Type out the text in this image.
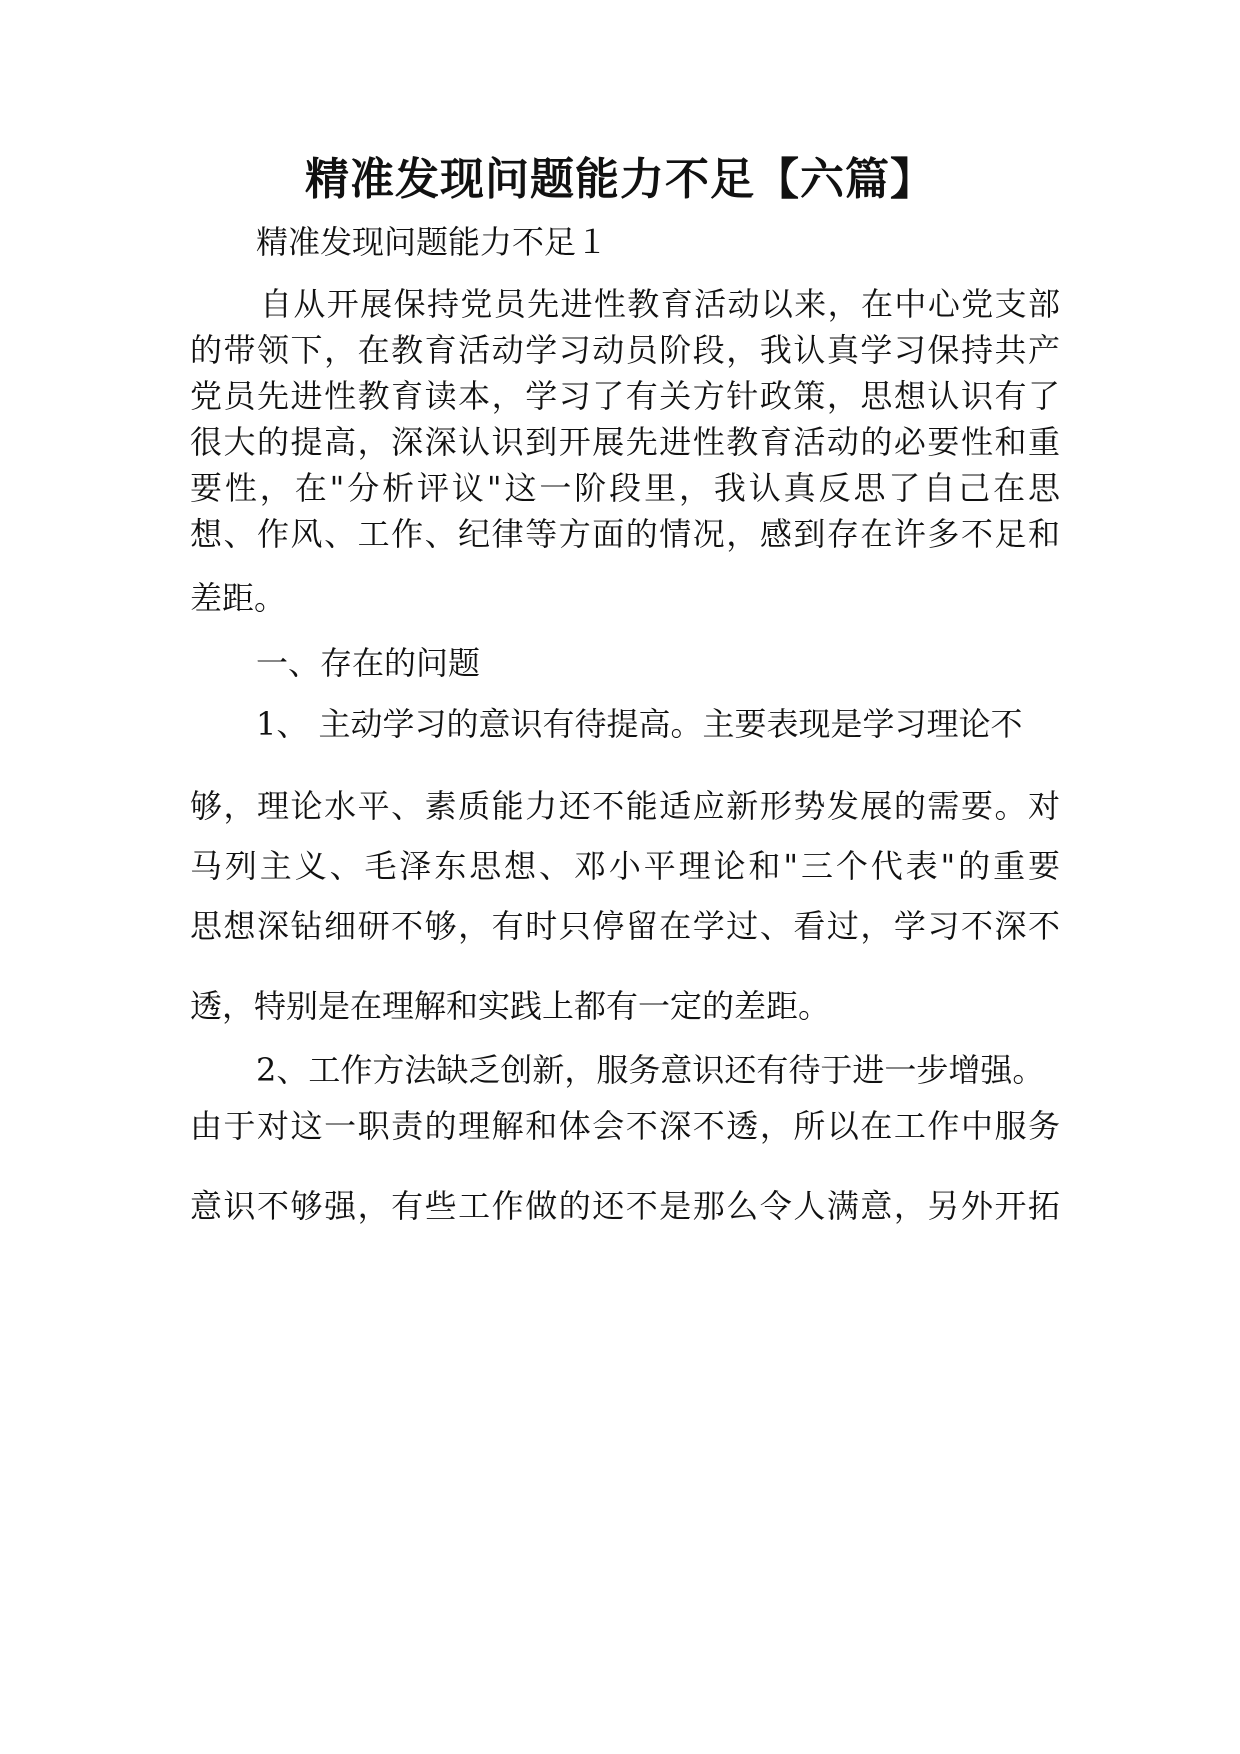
精准发现问题能力不足【六篇】

精准发现问题能力不足１

自从开展保持党员先进性教育活动以来，在中心党支部

的带领下，在教育活动学习动员阶段，我认真学习保持共产

党员先进性教育读本，学习了有关方针政策，思想认识有了

很大的提高，深深认识到开展先进性教育活动的必要性和重

要性，在"分析评议"这一阶段里，我认真反思了自己在思

想、作风、工作、纪律等方面的情况，感到存在许多不足和

差距。

一、存在的问题

1、 主动学习的意识有待提高。主要表现是学习理论不

够，理论水平、素质能力还不能适应新形势发展的需要。对

马列主义、毛泽东思想、邓小平理论和"三个代表"的重要

思想深钻细研不够，有时只停留在学过、看过，学习不深不

透，特别是在理解和实践上都有一定的差距。

2、工作方法缺乏创新，服务意识还有待于进一步增强。

由于对这一职责的理解和体会不深不透，所以在工作中服务

意识不够强，有些工作做的还不是那么令人满意，另外开拓
